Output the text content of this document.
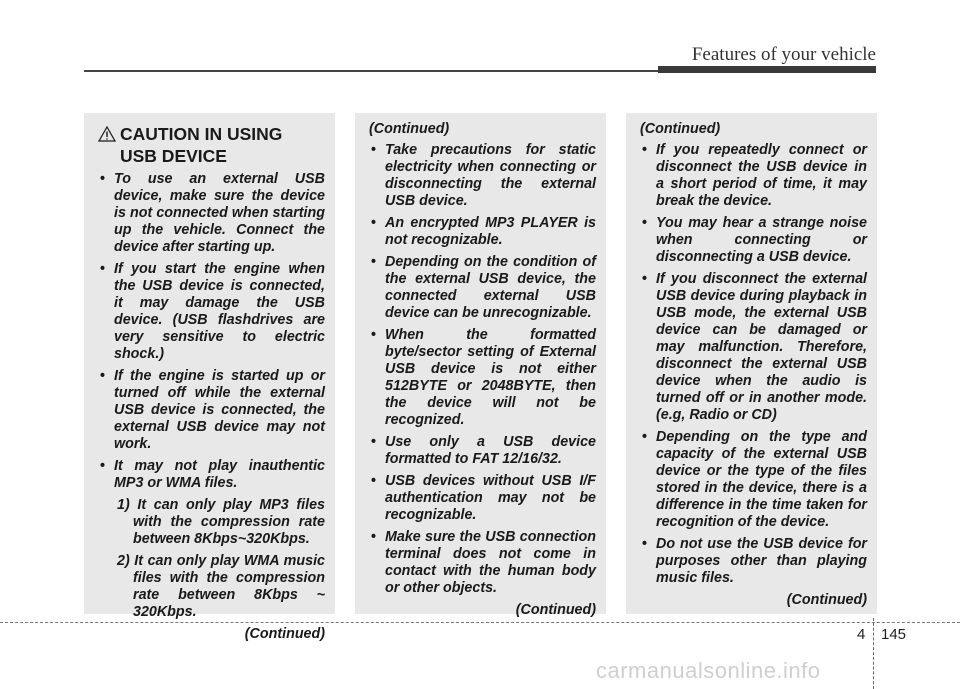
Features of your vehicle
CAUTION IN USING
USB DEVICE
• To use an external USB device, make sure the device is not connected when starting up the vehicle. Connect the device after starting up.
• If you start the engine when the USB device is connected, it may damage the USB device. (USB flashdrives are very sensitive to electric shock.)
• If the engine is started up or turned off while the external USB device is connected, the external USB device may not work.
• It may not play inauthentic MP3 or WMA files.
1) It can only play MP3 files with the compression rate between 8Kbps~320Kbps.
2) It can only play WMA music files with the compression rate between 8Kbps ~ 320Kbps.
(Continued)
(Continued)
• Take precautions for static electricity when connecting or disconnecting the external USB device.
• An encrypted MP3 PLAYER is not recognizable.
• Depending on the condition of the external USB device, the connected external USB device can be unrecognizable.
• When the formatted byte/sector setting of External USB device is not either 512BYTE or 2048BYTE, then the device will not be recognized.
• Use only a USB device formatted to FAT 12/16/32.
• USB devices without USB I/F authentication may not be recognizable.
• Make sure the USB connection terminal does not come in contact with the human body or other objects.
(Continued)
(Continued)
• If you repeatedly connect or disconnect the USB device in a short period of time, it may break the device.
• You may hear a strange noise when connecting or disconnecting a USB device.
• If you disconnect the external USB device during playback in USB mode, the external USB device can be damaged or may malfunction. Therefore, disconnect the external USB device when the audio is turned off or in another mode. (e.g, Radio or CD)
• Depending on the type and capacity of the external USB device or the type of the files stored in the device, there is a difference in the time taken for recognition of the device.
• Do not use the USB device for purposes other than playing music files.
(Continued)
4 145
carmanualsonline.info
